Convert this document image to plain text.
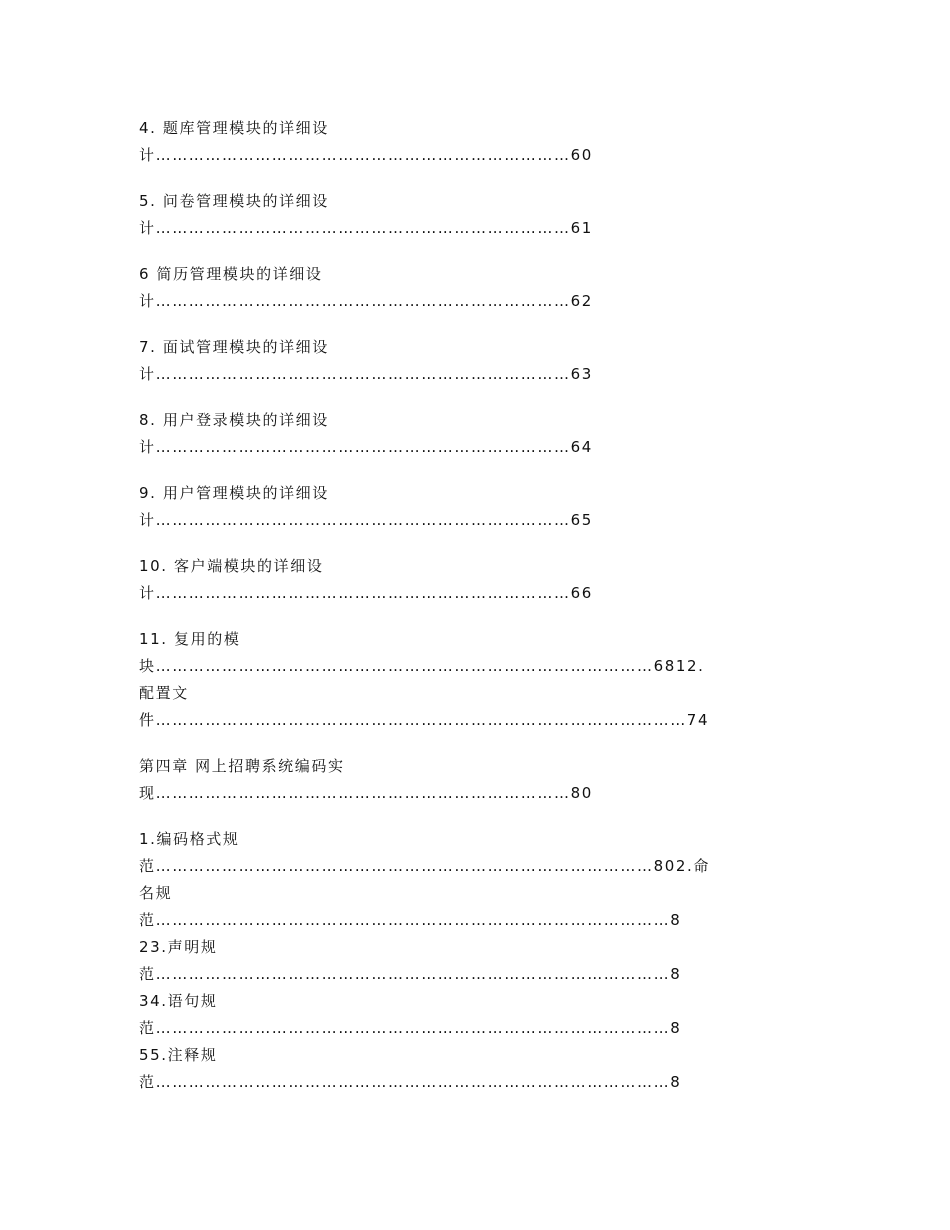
4. 题库管理模块的详细设
计…………………………………………………………………60
5. 问卷管理模块的详细设
计…………………………………………………………………61
6 简历管理模块的详细设
计…………………………………………………………………62
7. 面试管理模块的详细设
计…………………………………………………………………63
8. 用户登录模块的详细设
计…………………………………………………………………64
9. 用户管理模块的详细设
计…………………………………………………………………65
10. 客户端模块的详细设
计…………………………………………………………………66
11. 复用的模
块………………………………………………………………………………6812.
配置文
件……………………………………………………………………………………74
第四章 网上招聘系统编码实
现…………………………………………………………………80
1.编码格式规
范………………………………………………………………………………802.命
名规
范…………………………………………………………………………………8
23.声明规
范…………………………………………………………………………………8
34.语句规
范…………………………………………………………………………………8
55.注释规
范…………………………………………………………………………………8
